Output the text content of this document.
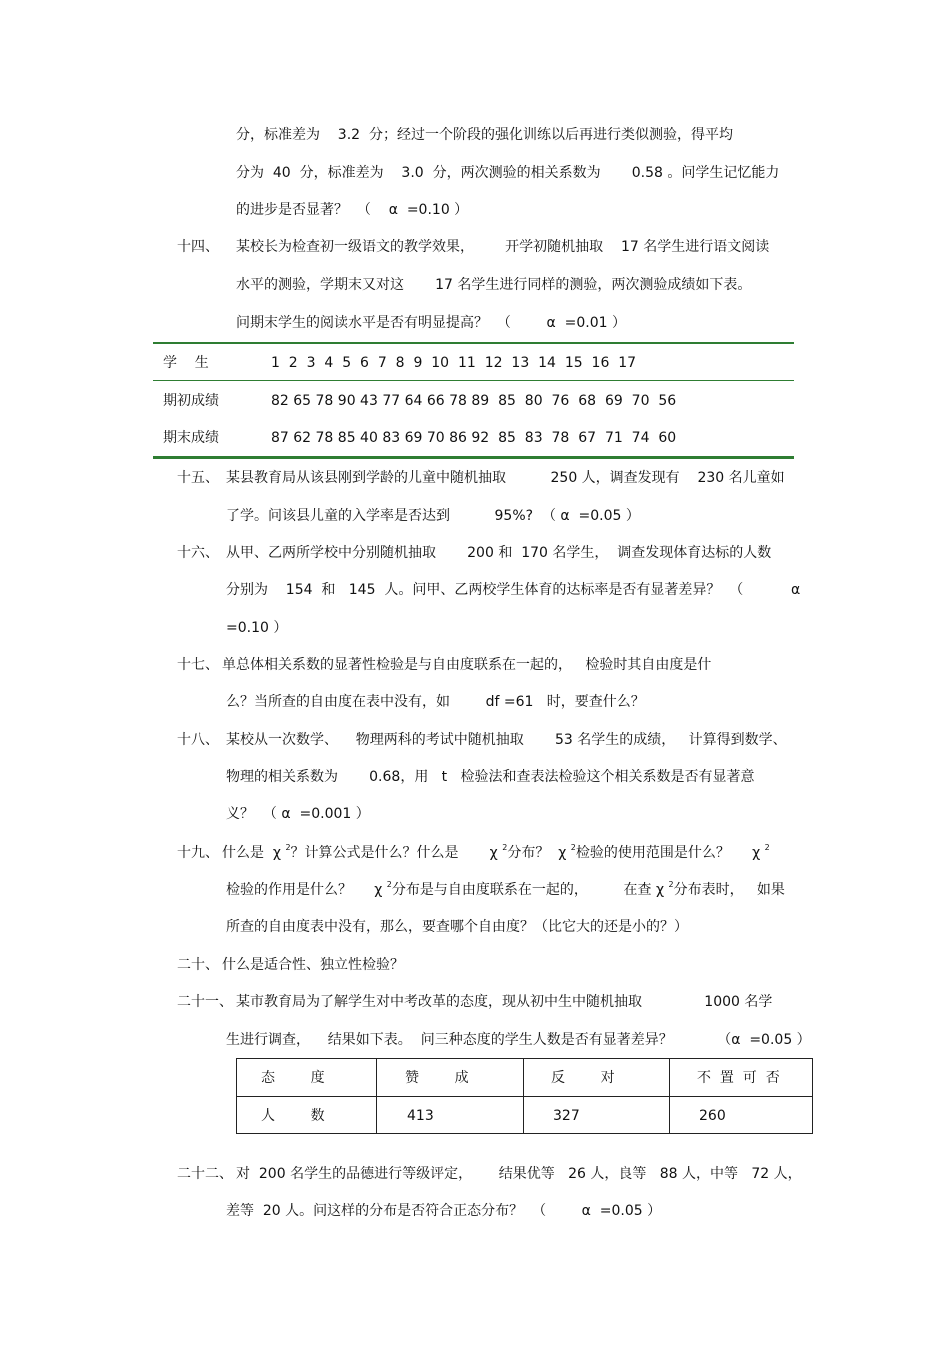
分，标准差为    3.2  分；经过一个阶段的强化训练以后再进行类似测验，得平均
分为  40  分，标准差为    3.0  分，两次测验的相关系数为       0.58 。问学生记忆能力
的进步是否显著？  （    α  =0.10 ）
十四、 某校长为检查初一级语文的教学效果，       开学初随机抽取    17 名学生进行语文阅读
水平的测验，学期末又对这       17 名学生进行同样的测验，两次测验成绩如下表。
问期末学生的阅读水平是否有明显提高？  （        α  =0.01 ）
学    生	1  2  3  4  5  6  7  8  9  10  11  12  13  14  15  16  17
期初成绩	82 65 78 90 43 77 64 66 78 89  85  80  76  68  69  70  56
期末成绩	87 62 78 85 40 83 69 70 86 92  85  83  78  67  71  74  60
十五、 某县教育局从该县刚到学龄的儿童中随机抽取          250 人，调查发现有    230 名儿童如
了学。问该县儿童的入学率是否达到          95%?  （ α  =0.05 ）
十六、 从甲、乙两所学校中分别随机抽取       200 和  170 名学生，  调查发现体育达标的人数
分别为    154  和   145  人。问甲、乙两校学生体育的达标率是否有显著差异？  （	α
=0.10 ）
十七、 单总体相关系数的显著性检验是与自由度联系在一起的，   检验时其自由度是什
么？当所查的自由度在表中没有，如        df =61   时，要查什么？
十八、 某校从一次数学、    物理两科的考试中随机抽取       53 名学生的成绩，   计算得到数学、
物理的相关系数为       0.68，用   t   检验法和查表法检验这个相关系数是否有显著意
义？  （ α  =0.001 ）
十九、 什么是  χ $^2$？计算公式是什么？什么是       χ $^2$分布？  χ $^2$检验的使用范围是什么？     χ $^2$
检验的作用是什么？     χ $^2$分布是与自由度联系在一起的，        在查 χ $^2$分布表时，   如果
所查的自由度表中没有，那么，要查哪个自由度？（比它大的还是小的？）
二十、 什么是适合性、独立性检验？
二十一、 某市教育局为了解学生对中考改革的态度，现从初中生中随机抽取              1000 名学
生进行调查，    结果如下表。  问三种态度的学生人数是否有显著差异？          （α  =0.05 ）
态        度	赞        成	反        对	不  置  可  否
人        数	413	327	260
二十二、 对  200 名学生的品德进行等级评定，      结果优等   26 人，良等   88 人，中等   72 人，
差等  20 人。问这样的分布是否符合正态分布？  （        α  =0.05 ）
